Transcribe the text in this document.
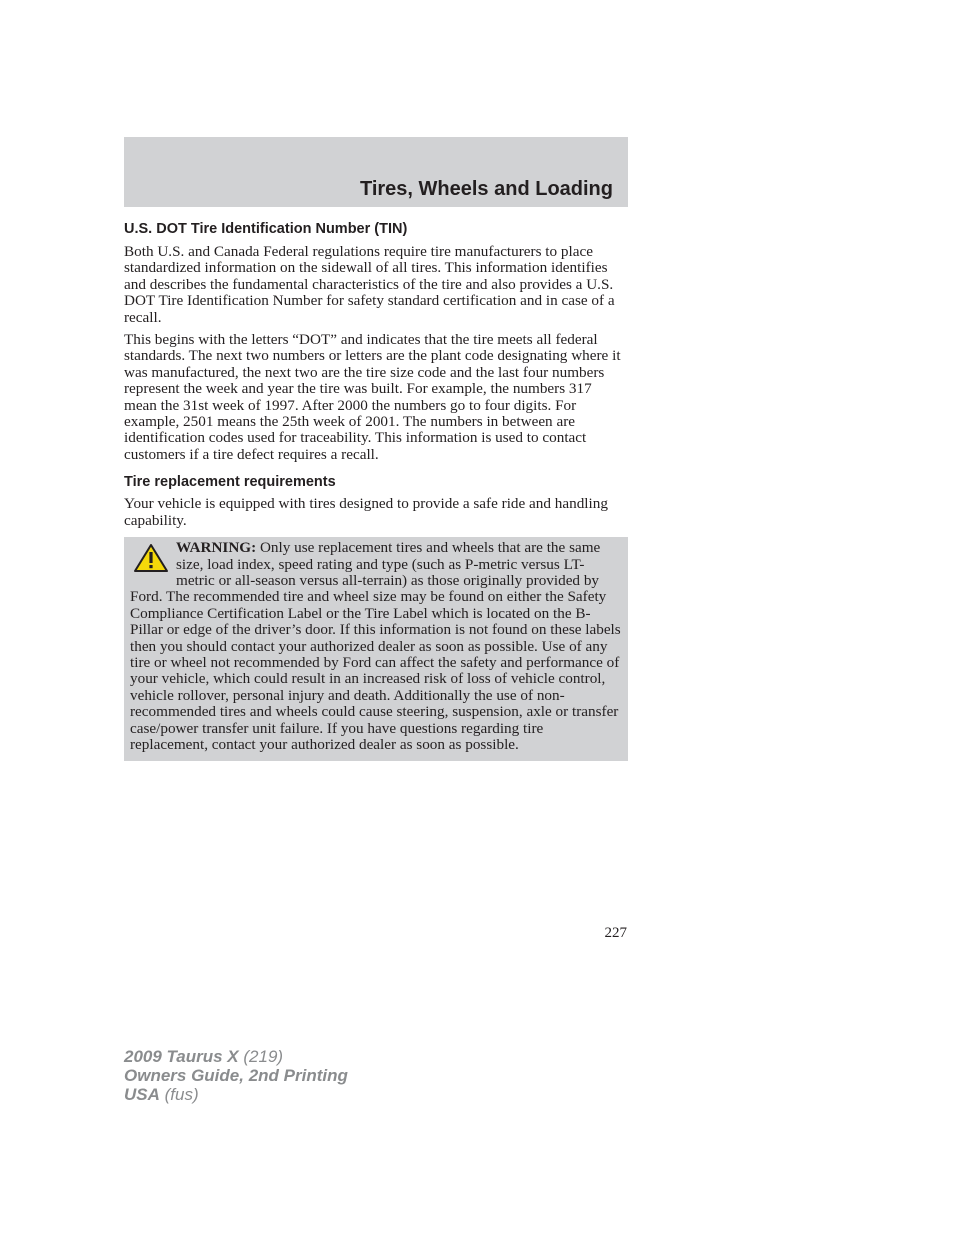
Tires, Wheels and Loading
U.S. DOT Tire Identification Number (TIN)

Both U.S. and Canada Federal regulations require tire manufacturers to place standardized information on the sidewall of all tires. This information identifies and describes the fundamental characteristics of the tire and also provides a U.S. DOT Tire Identification Number for safety standard certification and in case of a recall.

This begins with the letters “DOT” and indicates that the tire meets all federal standards. The next two numbers or letters are the plant code designating where it was manufactured, the next two are the tire size code and the last four numbers represent the week and year the tire was built. For example, the numbers 317 mean the 31st week of 1997. After 2000 the numbers go to four digits. For example, 2501 means the 25th week of 2001. The numbers in between are identification codes used for traceability. This information is used to contact customers if a tire defect requires a recall.

Tire replacement requirements

Your vehicle is equipped with tires designed to provide a safe ride and handling capability.

WARNING: Only use replacement tires and wheels that are the same size, load index, speed rating and type (such as P-metric versus LT-metric or all-season versus all-terrain) as those originally provided by Ford. The recommended tire and wheel size may be found on either the Safety Compliance Certification Label or the Tire Label which is located on the B-Pillar or edge of the driver’s door. If this information is not found on these labels then you should contact your authorized dealer as soon as possible. Use of any tire or wheel not recommended by Ford can affect the safety and performance of your vehicle, which could result in an increased risk of loss of vehicle control, vehicle rollover, personal injury and death. Additionally the use of non-recommended tires and wheels could cause steering, suspension, axle or transfer case/power transfer unit failure. If you have questions regarding tire replacement, contact your authorized dealer as soon as possible.

227
2009 Taurus X (219)
Owners Guide, 2nd Printing
USA (fus)
